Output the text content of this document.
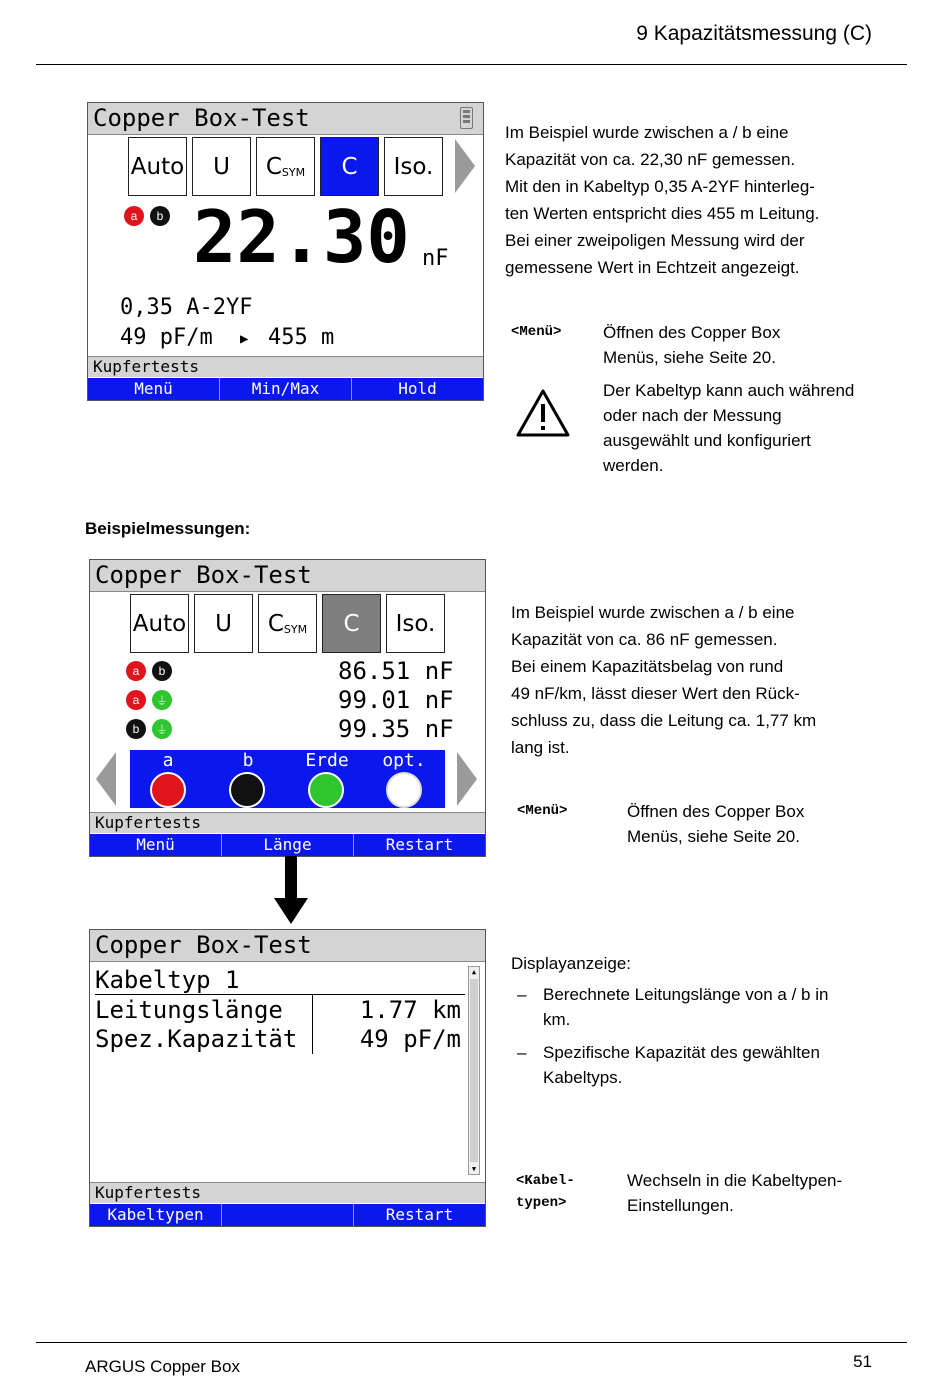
9 Kapazitätsmessung (C)
Copper Box-Test
Auto	U	$C_{SYM}$	C	Iso.
a	b 22.30 nF
0,35 A-2YF
49 pF/m ▶ 455 m
Kupfertests
Menü	Min/Max	Hold
Im Beispiel wurde zwischen a / b eine
Kapazität von ca. 22,30 nF gemessen.
Mit den in Kabeltyp 0,35 A-2YF hinterleg-
ten Werten entspricht dies 455 m Leitung.
Bei einer zweipoligen Messung wird der
gemessene Wert in Echtzeit angezeigt.
<Menü> Öffnen des Copper Box
Menüs, siehe Seite 20.
Der Kabeltyp kann auch während
oder nach der Messung
ausgewählt und konfiguriert
werden.
Beispielmessungen:
Copper Box-Test
Auto	U	$C_{SYM}$	C	Iso.
a	b	86.51 nF
a	⏚	99.01 nF
b	⏚	99.35 nF
a	b	Erde	opt.
Kupfertests
Menü	Länge	Restart
Im Beispiel wurde zwischen a / b eine
Kapazität von ca. 86 nF gemessen.
Bei einem Kapazitätsbelag von rund
49 nF/km, lässt dieser Wert den Rück-
schluss zu, dass die Leitung ca. 1,77 km
lang ist.
<Menü>	Öffnen des Copper Box
Menüs, siehe Seite 20.
Copper Box-Test
Kabeltyp 1
Leitungslänge	1.77 km
Spez.Kapazität	49 pF/m
▲
▼
Kupfertests
Kabeltypen	Restart
Displayanzeige:
– Berechnete Leitungslänge von a / b in
km.
– Spezifische Kapazität des gewählten
Kabeltyps.
<Kabel-
typen>
Wechseln in die Kabeltypen-
Einstellungen.
ARGUS Copper Box	51
